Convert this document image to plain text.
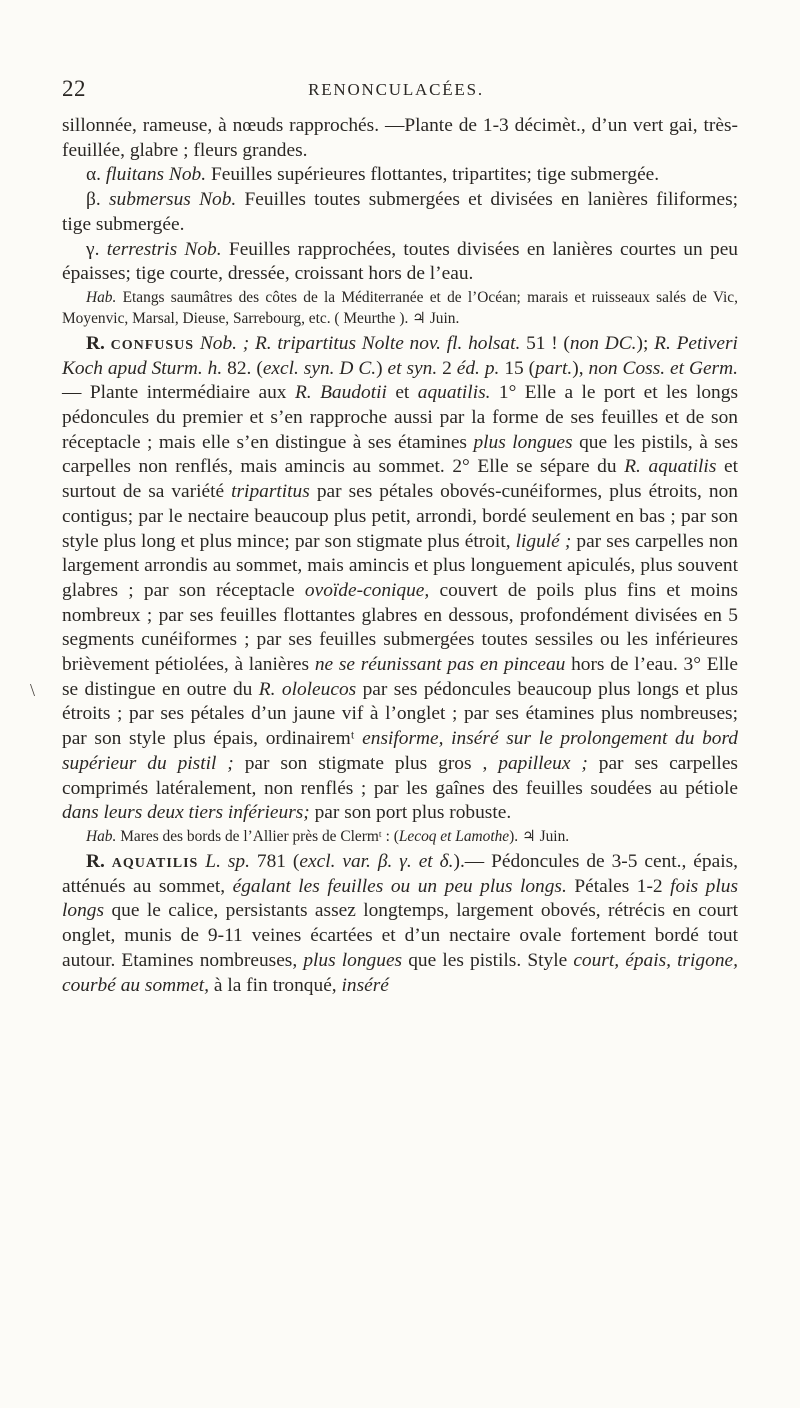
22	RENONCULACÉES.
\

sillonnée, rameuse, à nœuds rapprochés. —Plante de 1-3 décimèt., d’un vert gai, très-feuillée, glabre ; fleurs grandes.

α. fluitans Nob. Feuilles supérieures flottantes, tripartites; tige submergée.

β. submersus Nob. Feuilles toutes submergées et divisées en lanières filiformes; tige submergée.

γ. terrestris Nob. Feuilles rapprochées, toutes divisées en lanières courtes un peu épaisses; tige courte, dressée, croissant hors de l’eau.

Hab. Etangs saumâtres des côtes de la Méditerranée et de l’Océan; marais et ruisseaux salés de Vic, Moyenvic, Marsal, Dieuse, Sarrebourg, etc. ( Meurthe ). ♃ Juin.

R. confusus Nob. ; R. tripartitus Nolte nov. fl. holsat. 51 ! (non DC.); R. Petiveri Koch apud Sturm. h. 82. (excl. syn. D C.) et syn. 2 éd. p. 15 (part.), non Coss. et Germ. — Plante intermédiaire aux R. Baudotii et aquatilis. 1° Elle a le port et les longs pédoncules du premier et s’en rapproche aussi par la forme de ses feuilles et de son réceptacle ; mais elle s’en distingue à ses étamines plus longues que les pistils, à ses carpelles non renflés, mais amincis au sommet. 2° Elle se sépare du R. aquatilis et surtout de sa variété tripartitus par ses pétales obovés-cunéiformes, plus étroits, non contigus; par le nectaire beaucoup plus petit, arrondi, bordé seulement en bas ; par son style plus long et plus mince; par son stigmate plus étroit, ligulé ; par ses carpelles non largement arrondis au sommet, mais amincis et plus longuement apiculés, plus souvent glabres ; par son réceptacle ovoïde-conique, couvert de poils plus fins et moins nombreux ; par ses feuilles flottantes glabres en dessous, profondément divisées en 5 segments cunéiformes ; par ses feuilles submergées toutes sessiles ou les inférieures brièvement pétiolées, à lanières ne se réunissant pas en pinceau hors de l’eau. 3° Elle se distingue en outre du R. ololeucos par ses pédoncules beaucoup plus longs et plus étroits ; par ses pétales d’un jaune vif à l’onglet ; par ses étamines plus nombreuses; par son style plus épais, ordinairemᵗ ensiforme, inséré sur le prolongement du bord supérieur du pistil ; par son stigmate plus gros , papilleux ; par ses carpelles comprimés latéralement, non renflés ; par les gaînes des feuilles soudées au pétiole dans leurs deux tiers inférieurs; par son port plus robuste.

Hab. Mares des bords de l’Allier près de Clermᵗ : (Lecoq et Lamothe). ♃ Juin.

R. aquatilis L. sp. 781 (excl. var. β. γ. et δ.).— Pédoncules de 3-5 cent., épais, atténués au sommet, égalant les feuilles ou un peu plus longs. Pétales 1-2 fois plus longs que le calice, persistants assez longtemps, largement obovés, rétrécis en court onglet, munis de 9-11 veines écartées et d’un nectaire ovale fortement bordé tout autour. Etamines nombreuses, plus longues que les pistils. Style court, épais, trigone, courbé au sommet, à la fin tronqué, inséré
